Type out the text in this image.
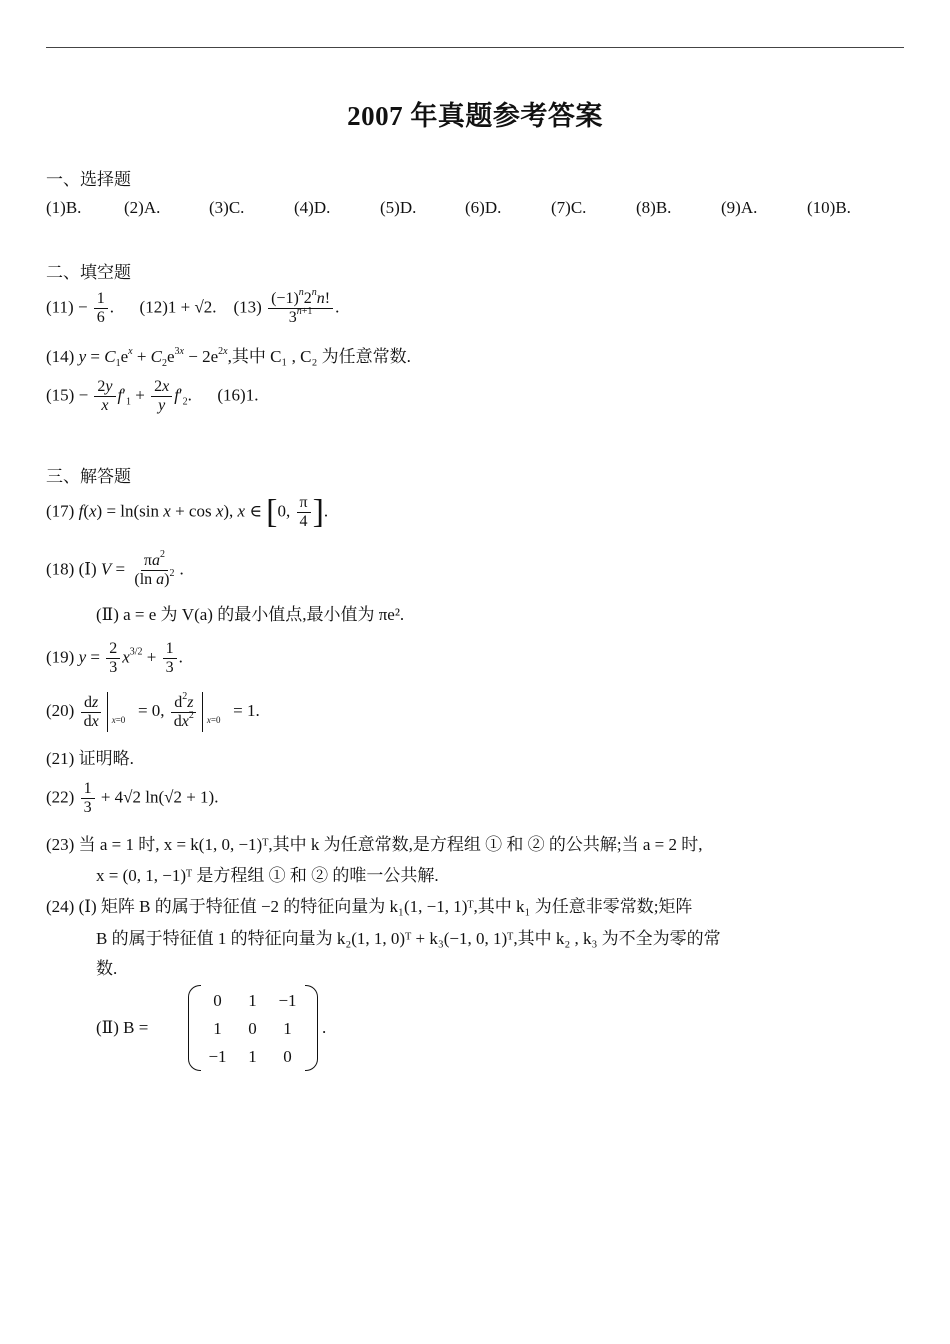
2007 年真题参考答案
一、选择题
(1)B.	(2)A.	(3)C.	(4)D.	(5)D.	(6)D.	(7)C.	(8)B.	(9)A.	(10)B.
二、填空题
$(11) - \frac{1}{6}$ .      (12)1 + √2.    $(13) \frac{(-1)^n2^nn!}{3^{n+1}}$ .
(14) $y = C_1e^x + C_2e^{3x} - 2e^{2x}$,其中 C₁ , C₂ 为任意常数.
$(15) - \frac{2y}{x} f'_1 + \frac{2x}{y} f'_2$.      (16)1.
三、解答题
(17) f(x) = ln(sin x + cos x), x ∈ [0, $\frac{\pi}{4}$ ].
(18) (Ⅰ) $V = \frac{\pi a^2}{(\ln a)^2}$ .
(Ⅱ) a = e 为 V(a) 的最小值点,最小值为 πe².
(19) $y = \frac{2}{3} x^{3/2} + \frac{1}{3}$ .
$(20) \frac{dz}{dx} x=0$
= 0, $\frac{d^2z}{dx^2} x=0$
= 1.
(21) 证明略.
$(22) \frac{1}{3} + 4√2$ ln(√2 + 1).
(23) 当 a = 1 时, x = k(1, 0, −1)ᵀ,其中 k 为任意常数,是方程组 ① 和 ② 的公共解;当 a = 2 时,
x = (0, 1, −1)ᵀ 是方程组 ① 和 ② 的唯一公共解.
(24) (Ⅰ) 矩阵 B 的属于特征值 −2 的特征向量为 k₁(1, −1, 1)ᵀ,其中 k₁ 为任意非零常数;矩阵
B 的属于特征值 1 的特征向量为 k₂(1, 1, 0)ᵀ + k₃(−1, 0, 1)ᵀ,其中 k₂ , k₃ 为不全为零的常
数.
(Ⅱ) B =
0	1	−1
1	0	1
−1	1	0
.
